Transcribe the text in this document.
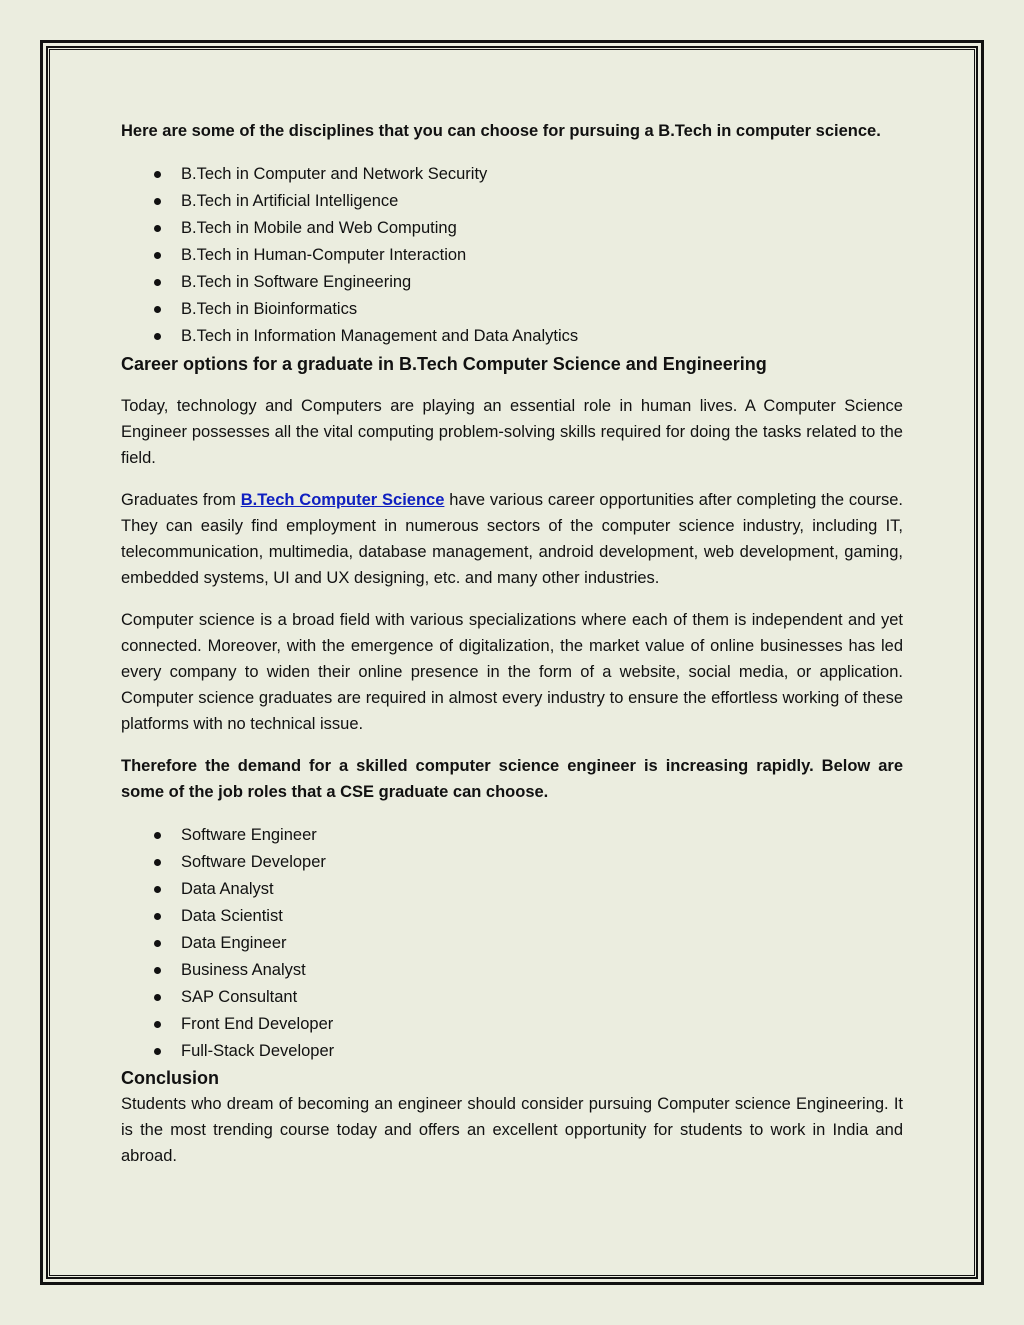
Here are some of the disciplines that you can choose for pursuing a B.Tech in computer science.

B.Tech in Computer and Network Security
B.Tech in Artificial Intelligence
B.Tech in Mobile and Web Computing
B.Tech in Human-Computer Interaction
B.Tech in Software Engineering
B.Tech in Bioinformatics
B.Tech in Information Management and Data Analytics

Career options for a graduate in B.Tech Computer Science and Engineering

Today, technology and Computers are playing an essential role in human lives. A Computer Science Engineer possesses all the vital computing problem-solving skills required for doing the tasks related to the field.

Graduates from B.Tech Computer Science have various career opportunities after completing the course. They can easily find employment in numerous sectors of the computer science industry, including IT, telecommunication, multimedia, database management, android development, web development, gaming, embedded systems, UI and UX designing, etc. and many other industries.

Computer science is a broad field with various specializations where each of them is independent and yet connected. Moreover, with the emergence of digitalization, the market value of online businesses has led every company to widen their online presence in the form of a website, social media, or application. Computer science graduates are required in almost every industry to ensure the effortless working of these platforms with no technical issue.

Therefore the demand for a skilled computer science engineer is increasing rapidly. Below are some of the job roles that a CSE graduate can choose.

Software Engineer
Software Developer
Data Analyst
Data Scientist
Data Engineer
Business Analyst
SAP Consultant
Front End Developer
Full-Stack Developer

Conclusion

Students who dream of becoming an engineer should consider pursuing Computer science Engineering. It is the most trending course today and offers an excellent opportunity for students to work in India and abroad.
